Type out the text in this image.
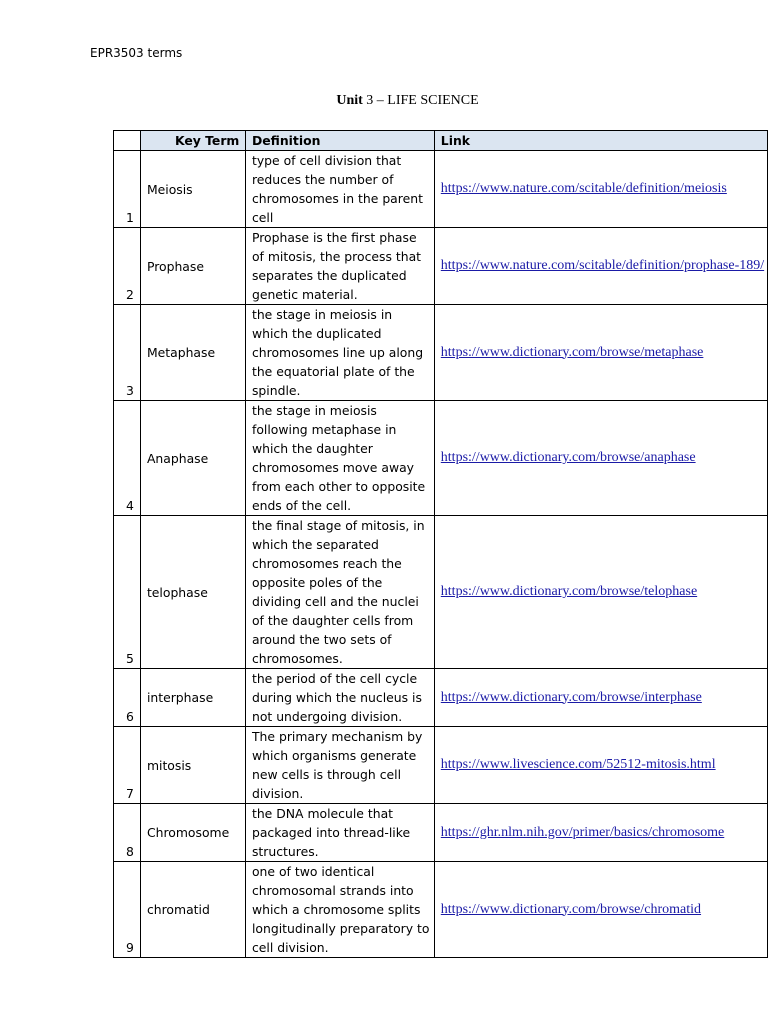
EPR3503 terms
Unit 3 – LIFE SCIENCE
	Key Term	Definition	Link
1	Meiosis	type of cell division that reduces the number of chromosomes in the parent cell	https://www.nature.com/scitable/definition/meiosis
2	Prophase	Prophase is the first phase of mitosis, the process that separates the duplicated genetic material.	https://www.nature.com/scitable/definition/prophase-189/
3	Metaphase	the stage in meiosis in which the duplicated chromosomes line up along the equatorial plate of the spindle.	https://www.dictionary.com/browse/metaphase
4	Anaphase	the stage in meiosis following metaphase in which the daughter chromosomes move away from each other to opposite ends of the cell.	https://www.dictionary.com/browse/anaphase
5	telophase	the final stage of mitosis, in which the separated chromosomes reach the opposite poles of the dividing cell and the nuclei of the daughter cells from around the two sets of chromosomes.	https://www.dictionary.com/browse/telophase
6	interphase	the period of the cell cycle during which the nucleus is not undergoing division.	https://www.dictionary.com/browse/interphase
7	mitosis	The primary mechanism by which organisms generate new cells is through cell division.	https://www.livescience.com/52512-mitosis.html
8	Chromosome	the DNA molecule that packaged into thread-like structures.	https://ghr.nlm.nih.gov/primer/basics/chromosome
9	chromatid	one of two identical chromosomal strands into which a chromosome splits longitudinally preparatory to cell division.	https://www.dictionary.com/browse/chromatid
